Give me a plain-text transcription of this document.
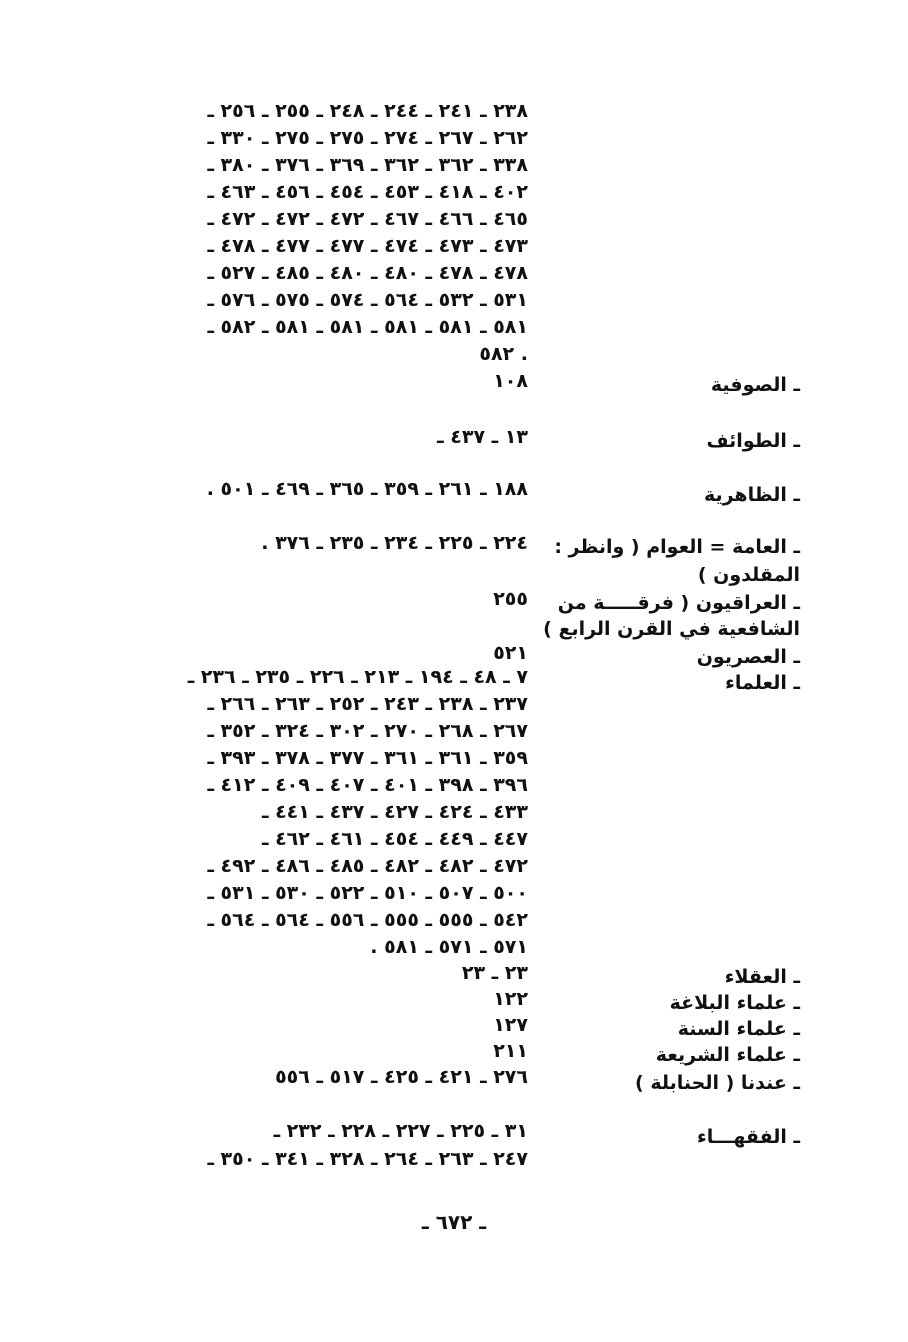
٢٣٨ ـ ٢٤١ ـ ٢٤٤ ـ ٢٤٨ ـ ٢٥٥ ـ ٢٥٦ ـ
٢٦٢ ـ ٢٦٧ ـ ٢٧٤ ـ ٢٧٥ ـ ٢٧٥ ـ ٣٣٠ ـ
٣٣٨ ـ ٣٦٢ ـ ٣٦٢ ـ ٣٦٩ ـ ٣٧٦ ـ ٣٨٠ ـ
٤٠٢ ـ ٤١٨ ـ ٤٥٣ ـ ٤٥٤ ـ ٤٥٦ ـ ٤٦٣ ـ
٤٦٥ ـ ٤٦٦ ـ ٤٦٧ ـ ٤٧٢ ـ ٤٧٢ ـ ٤٧٢ ـ
٤٧٣ ـ ٤٧٣ ـ ٤٧٤ ـ ٤٧٧ ـ ٤٧٧ ـ ٤٧٨ ـ
٤٧٨ ـ ٤٧٨ ـ ٤٨٠ ـ ٤٨٠ ـ ٤٨٥ ـ ٥٢٧ ـ
٥٣١ ـ ٥٣٢ ـ ٥٦٤ ـ ٥٧٤ ـ ٥٧٥ ـ ٥٧٦ ـ
٥٨١ ـ ٥٨١ ـ ٥٨١ ـ ٥٨١ ـ ٥٨١ ـ ٥٨٢ ـ
٥٨٢ .
ـ الصوفية
١٠٨
ـ الطوائف
١٣ ـ ٤٣٧ ـ
ـ الظاهرية
١٨٨ ـ ٢٦١ ـ ٣٥٩ ـ ٣٦٥ ـ ٤٦٩ ـ ٥٠١ .
ـ العامة = العوام ( وانظر :
المقلدون )
٢٢٤ ـ ٢٢٥ ـ ٢٣٤ ـ ٢٣٥ ـ ٣٧٦ .
ـ العراقيون ( فرقـــــة من
الشافعية في القرن الرابع )
٢٥٥
ـ العصريون
٥٢١
ـ العلماء
٧ ـ ٤٨ ـ ١٩٤ ـ ٢١٣ ـ ٢٢٦ ـ ٢٣٥ ـ ٢٣٦ ـ
٢٣٧ ـ ٢٣٨ ـ ٢٤٣ ـ ٢٥٢ ـ ٢٦٣ ـ ٢٦٦ ـ
٢٦٧ ـ ٢٦٨ ـ ٢٧٠ ـ ٣٠٢ ـ ٣٢٤ ـ ٣٥٢ ـ
٣٥٩ ـ ٣٦١ ـ ٣٦١ ـ ٣٧٧ ـ ٣٧٨ ـ ٣٩٣ ـ
٣٩٦ ـ ٣٩٨ ـ ٤٠١ ـ ٤٠٧ ـ ٤٠٩ ـ ٤١٢ ـ
٤٣٣ ـ ٤٢٤ ـ ٤٢٧ ـ ٤٣٧ ـ ٤٤١ ـ
٤٤٧ ـ ٤٤٩ ـ ٤٥٤ ـ ٤٦١ ـ ٤٦٢ ـ
٤٧٢ ـ ٤٨٢ ـ ٤٨٢ ـ ٤٨٥ ـ ٤٨٦ ـ ٤٩٢ ـ
٥٠٠ ـ ٥٠٧ ـ ٥١٠ ـ ٥٢٢ ـ ٥٣٠ ـ ٥٣١ ـ
٥٤٢ ـ ٥٥٥ ـ ٥٥٥ ـ ٥٥٦ ـ ٥٦٤ ـ ٥٦٤ ـ
٥٧١ ـ ٥٧١ ـ ٥٨١ .
ـ العقلاء
٢٣ ـ ٢٣
ـ علماء البلاغة
١٢٢
ـ علماء السنة
١٢٧
ـ علماء الشريعة
٢١١
ـ عندنا ( الحنابلة )
٢٧٦ ـ ٤٢١ ـ ٤٢٥ ـ ٥١٧ ـ ٥٥٦
ـ الفقهـــاء
٣١ ـ ٢٢٥ ـ ٢٢٧ ـ ٢٢٨ ـ ٢٣٢ ـ
٢٤٧ ـ ٢٦٣ ـ ٢٦٤ ـ ٣٢٨ ـ ٣٤١ ـ ٣٥٠ ـ
ـ ٦٧٢ ـ
